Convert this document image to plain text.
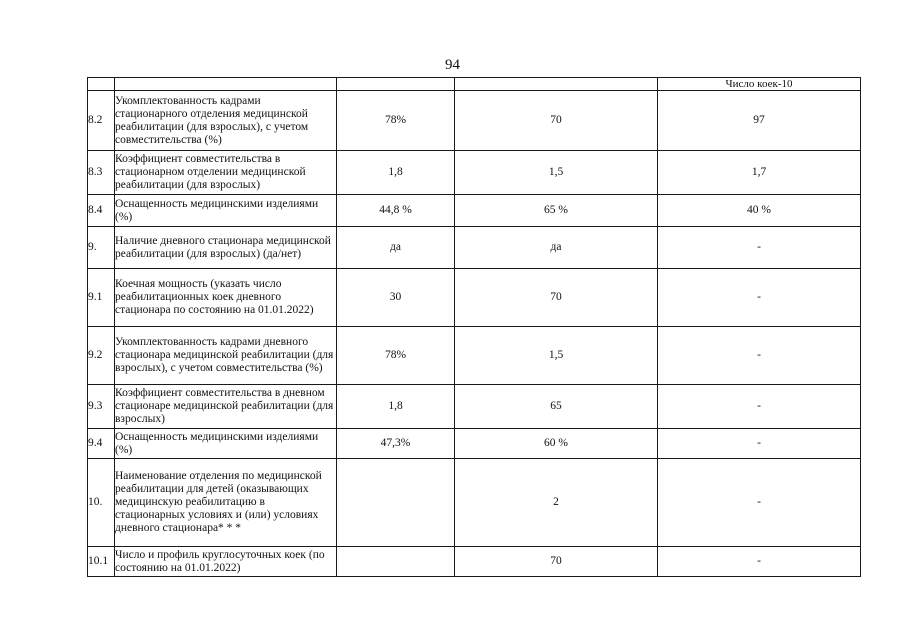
94
				Число коек-10
8.2	Укомплектованность кадрами стационарного отделения медицинской реабилитации (для взрослых), с учетом совместительства (%)	78%	70	97
8.3	Коэффициент совместительства в стационарном отделении медицинской реабилитации (для взрослых)	1,8	1,5	1,7
8.4	Оснащенность медицинскими изделиями (%)	44,8 %	65 %	40 %
9.	Наличие дневного стационара медицинской реабилитации (для взрослых) (да/нет)	да	да	-
9.1	Коечная мощность (указать число реабилитационных коек дневного стационара по состоянию на 01.01.2022)	30	70	-
9.2	Укомплектованность кадрами дневного стационара медицинской реабилитации (для взрослых), с учетом совместительства (%)	78%	1,5	-
9.3	Коэффициент совместительства в дневном стационаре медицинской реабилитации (для взрослых)	1,8	65	-
9.4	Оснащенность медицинскими изделиями (%)	47,3%	60 %	-
10.	Наименование отделения по медицинской реабилитации для детей (оказывающих медицинскую реабилитацию в стационарных условиях и (или) условиях дневного стационара* * *		2	-
10.1	Число и профиль круглосуточных коек (по состоянию на 01.01.2022)		70	-
